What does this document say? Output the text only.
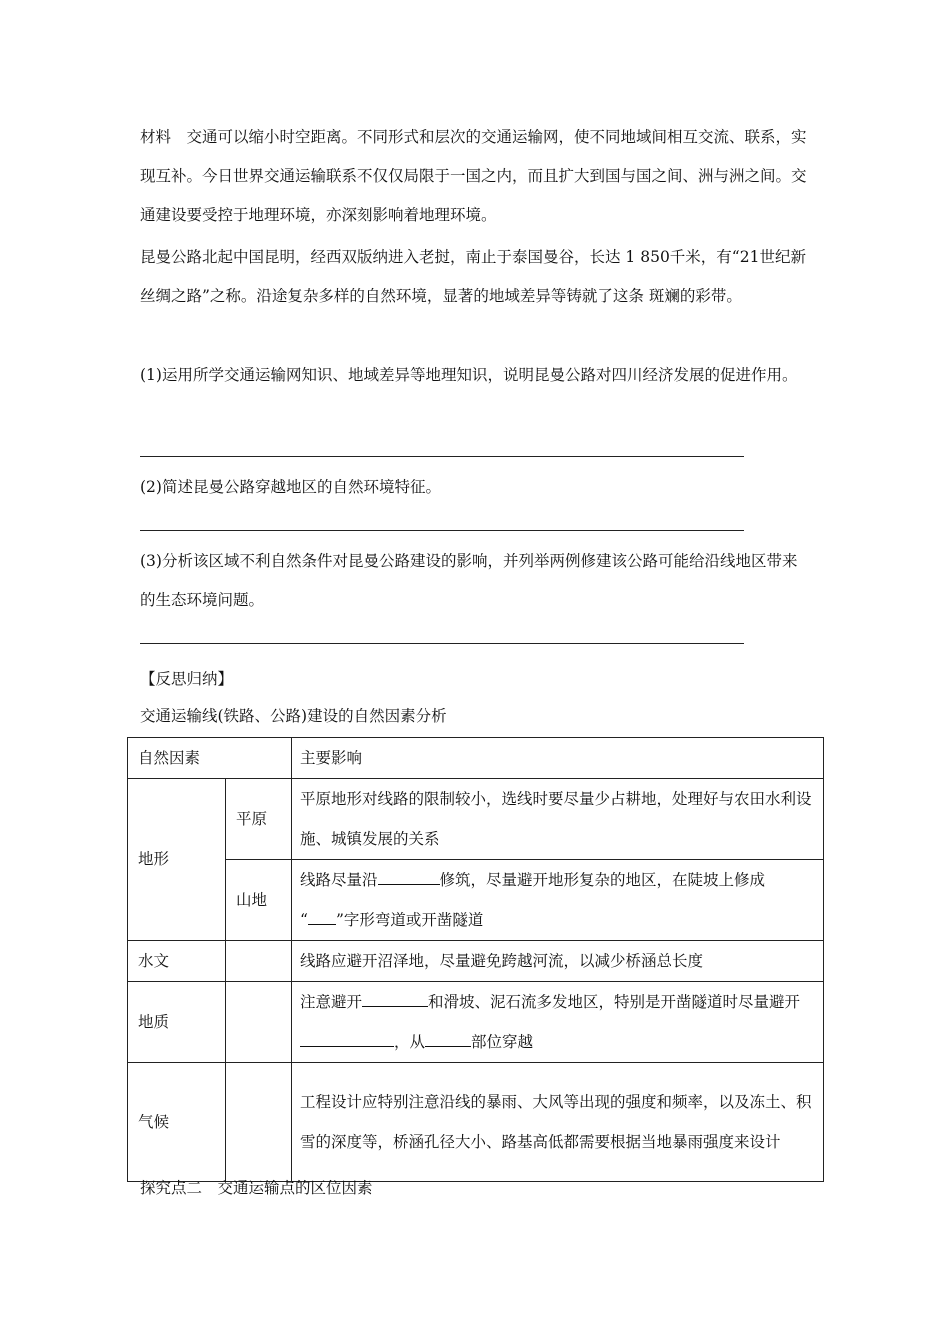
材料　交通可以缩小时空距离。不同形式和层次的交通运输网，使不同地域间相互交流、联系，实现互补。今日世界交通运输联系不仅仅局限于一国之内，而且扩大到国与国之间、洲与洲之间。交通建设要受控于地理环境，亦深刻影响着地理环境。

昆曼公路北起中国昆明，经西双版纳进入老挝，南止于泰国曼谷，长达 1 850千米，有“21世纪新丝绸之路”之称。沿途复杂多样的自然环境，显著的地域差异等铸就了这条 斑斓的彩带。

(1)运用所学交通运输网知识、地域差异等地理知识，说明昆曼公路对四川经济发展的促进作用。

(2)简述昆曼公路穿越地区的自然环境特征。

(3)分析该区域不利自然条件对昆曼公路建设的影响，并列举两例修建该公路可能给沿线地区带来的生态环境问题。

【反思归纳】

交通运输线(铁路、公路)建设的自然因素分析

自然因素		主要影响
地形	平原	平原地形对线路的限制较小，选线时要尽量少占耕地，处理好与农田水利设施、城镇发展的关系
	山地	线路尽量沿 修筑，尽量避开地形复杂的地区，在陡坡上修成
“ ”字形弯道或开凿隧道
水文		线路应避开沼泽地，尽量避免跨越河流，以减少桥涵总长度
地质		注意避开 和滑坡、泥石流多发地区，特别是开凿隧道时尽量避开，从 部位穿越
气候		工程设计应特别注意沿线的暴雨、大风等出现的强度和频率，以及冻土、积雪的深度等，桥涵孔径大小、路基高低都需要根据当地暴雨强度来设计

探究点二　交通运输点的区位因素
